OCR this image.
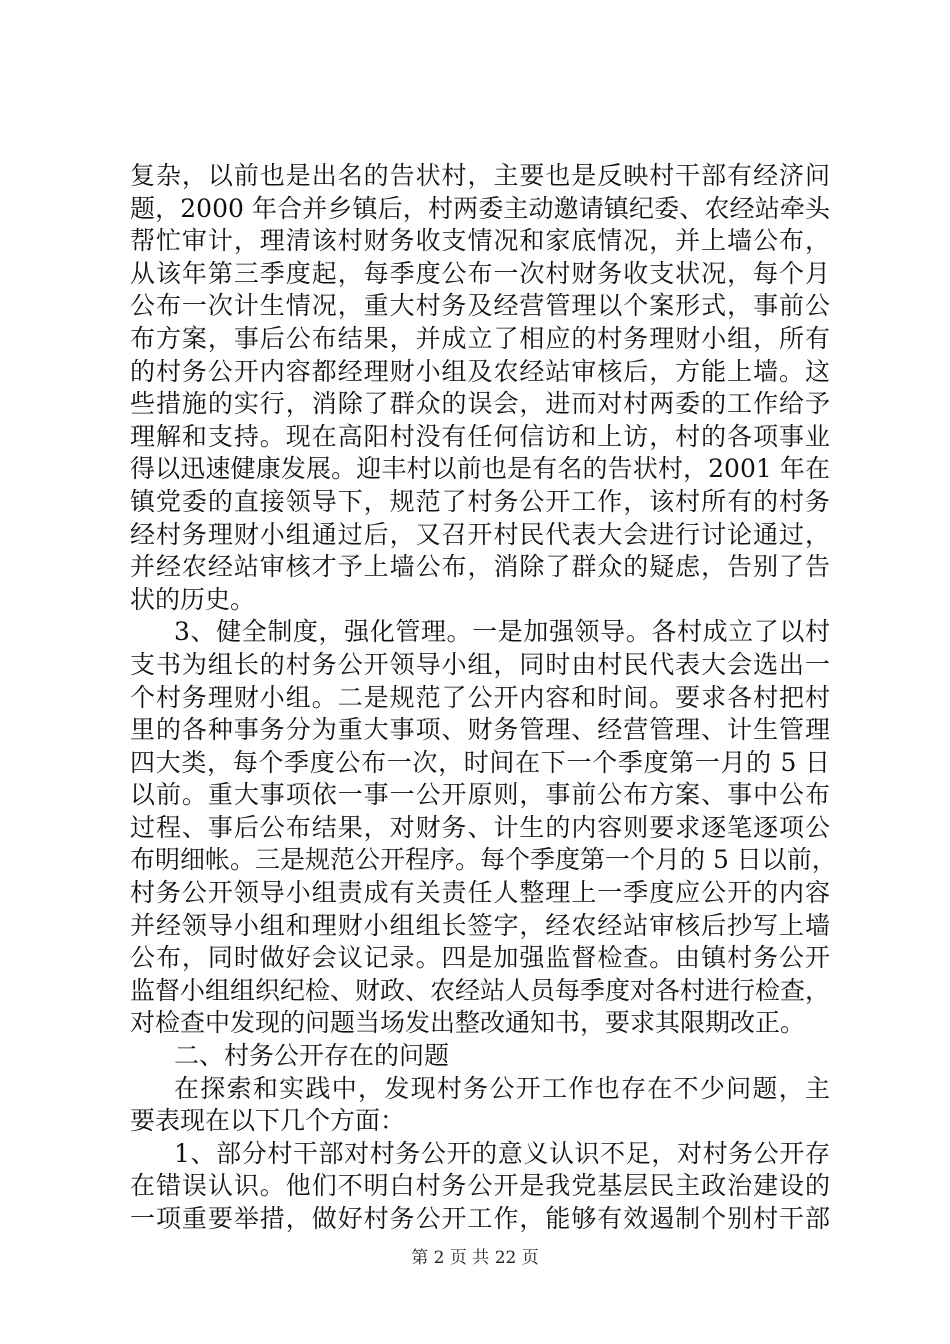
复杂，以前也是出名的告状村，主要也是反映村干部有经济问
题，2000 年合并乡镇后，村两委主动邀请镇纪委、农经站牵头
帮忙审计，理清该村财务收支情况和家底情况，并上墙公布，
从该年第三季度起，每季度公布一次村财务收支状况，每个月
公布一次计生情况，重大村务及经营管理以个案形式，事前公
布方案，事后公布结果，并成立了相应的村务理财小组，所有
的村务公开内容都经理财小组及农经站审核后，方能上墙。这
些措施的实行，消除了群众的误会，进而对村两委的工作给予
理解和支持。现在高阳村没有任何信访和上访，村的各项事业
得以迅速健康发展。迎丰村以前也是有名的告状村，2001 年在
镇党委的直接领导下，规范了村务公开工作，该村所有的村务
经村务理财小组通过后，又召开村民代表大会进行讨论通过，
并经农经站审核才予上墙公布，消除了群众的疑虑，告别了告
状的历史。
3、健全制度，强化管理。一是加强领导。各村成立了以村
支书为组长的村务公开领导小组，同时由村民代表大会选出一
个村务理财小组。二是规范了公开内容和时间。要求各村把村
里的各种事务分为重大事项、财务管理、经营管理、计生管理
四大类，每个季度公布一次，时间在下一个季度第一月的 5 日
以前。重大事项依一事一公开原则，事前公布方案、事中公布
过程、事后公布结果，对财务、计生的内容则要求逐笔逐项公
布明细帐。三是规范公开程序。每个季度第一个月的 5 日以前，
村务公开领导小组责成有关责任人整理上一季度应公开的内容
并经领导小组和理财小组组长签字，经农经站审核后抄写上墙
公布，同时做好会议记录。四是加强监督检查。由镇村务公开
监督小组组织纪检、财政、农经站人员每季度对各村进行检查，
对检查中发现的问题当场发出整改通知书，要求其限期改正。
二、村务公开存在的问题
在探索和实践中，发现村务公开工作也存在不少问题，主
要表现在以下几个方面：
1、部分村干部对村务公开的意义认识不足，对村务公开存
在错误认识。他们不明白村务公开是我党基层民主政治建设的
一项重要举措，做好村务公开工作，能够有效遏制个别村干部
第 2 页 共 22 页
